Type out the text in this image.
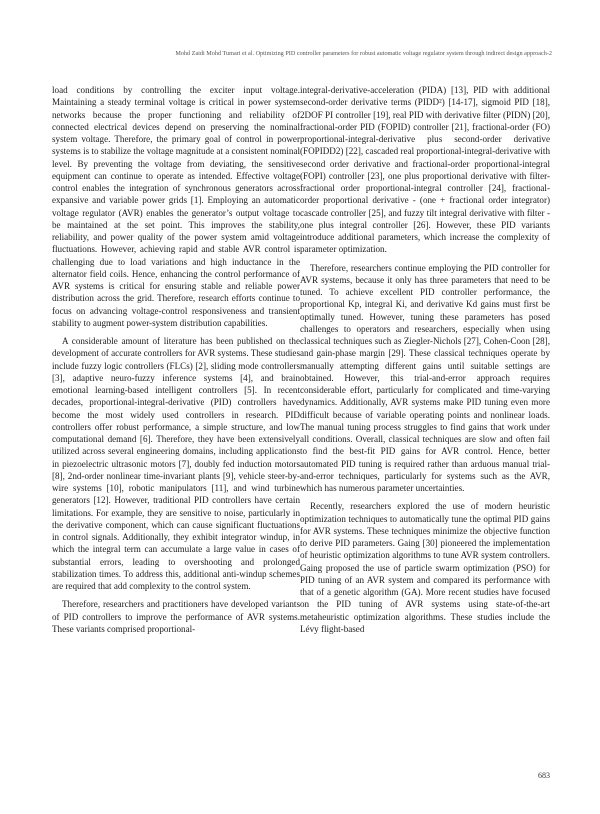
Mohd Zaidi Mohd Tumari et al. Optimizing PID controller parameters for robust automatic voltage regulator system through indirect design approach-2

load conditions by controlling the exciter input voltage. Maintaining a steady terminal voltage is critical in power system networks because the proper functioning and reliability of connected electrical devices depend on preserving the nominal system voltage. Therefore, the primary goal of control in power systems is to stabilize the voltage magnitude at a consistent nominal level. By preventing the voltage from deviating, the sensitive equipment can continue to operate as intended. Effective voltage control enables the integration of synchronous generators across expansive and variable power grids [1]. Employing an automatic voltage regulator (AVR) enables the generator’s output voltage to be maintained at the set point. This improves the stability, reliability, and power quality of the power system amid voltage fluctuations. However, achieving rapid and stable AVR control is challenging due to load variations and high inductance in the alternator field coils. Hence, enhancing the control performance of AVR systems is critical for ensuring stable and reliable power distribution across the grid. Therefore, research efforts continue to focus on advancing voltage-control responsiveness and transient stability to augment power-system distribution capabilities.

A considerable amount of literature has been published on the development of accurate controllers for AVR systems. These studies include fuzzy logic controllers (FLCs) [2], sliding mode controllers [3], adaptive neuro-fuzzy inference systems [4], and brain emotional learning-based intelligent controllers [5]. In recent decades, proportional-integral-derivative (PID) controllers have become the most widely used controllers in research. PID controllers offer robust performance, a simple structure, and low computational demand [6]. Therefore, they have been extensively utilized across several engineering domains, including applications in piezoelectric ultrasonic motors [7], doubly fed induction motors [8], 2nd-order nonlinear time-invariant plants [9], vehicle steer-by-wire systems [10], robotic manipulators [11], and wind turbine generators [12]. However, traditional PID controllers have certain limitations. For example, they are sensitive to noise, particularly in the derivative component, which can cause significant fluctuations in control signals. Additionally, they exhibit integrator windup, in which the integral term can accumulate a large value in cases of substantial errors, leading to overshooting and prolonged stabilization times. To address this, additional anti-windup schemes are required that add complexity to the control system.

Therefore, researchers and practitioners have developed variants of PID controllers to improve the performance of AVR systems. These variants comprised proportional-

integral-derivative-acceleration (PIDA) [13], PID with additional second-order derivative terms (PIDD²) [14-17], sigmoid PID [18], 2DOF PI controller [19], real PID with derivative filter (PIDN) [20], fractional-order PID (FOPID) controller [21], fractional-order (FO) proportional-integral-derivative plus second-order derivative (FOPIDD2) [22], cascaded real proportional-integral-derivative with second order derivative and fractional-order proportional-integral (FOPI) controller [23], one plus proportional derivative with filter-fractional order proportional-integral controller [24], fractional-order proportional derivative - (one + fractional order integrator) cascade controller [25], and fuzzy tilt integral derivative with filter - one plus integral controller [26]. However, these PID variants introduce additional parameters, which increase the complexity of parameter optimization.

Therefore, researchers continue employing the PID controller for AVR systems, because it only has three parameters that need to be tuned. To achieve excellent PID controller performance, the proportional Kp, integral Ki, and derivative Kd gains must first be optimally tuned. However, tuning these parameters has posed challenges to operators and researchers, especially when using classical techniques such as Ziegler-Nichols [27], Cohen-Coon [28], and gain-phase margin [29]. These classical techniques operate by manually attempting different gains until suitable settings are obtained. However, this trial-and-error approach requires considerable effort, particularly for complicated and time-varying dynamics. Additionally, AVR systems make PID tuning even more difficult because of variable operating points and nonlinear loads. The manual tuning process struggles to find gains that work under all conditions. Overall, classical techniques are slow and often fail to find the best-fit PID gains for AVR control. Hence, better automated PID tuning is required rather than arduous manual trial-and-error techniques, particularly for systems such as the AVR, which has numerous parameter uncertainties.

Recently, researchers explored the use of modern heuristic optimization techniques to automatically tune the optimal PID gains for AVR systems. These techniques minimize the objective function to derive PID parameters. Gaing [30] pioneered the implementation of heuristic optimization algorithms to tune AVR system controllers. Gaing proposed the use of particle swarm optimization (PSO) for PID tuning of an AVR system and compared its performance with that of a genetic algorithm (GA). More recent studies have focused on the PID tuning of AVR systems using state-of-the-art metaheuristic optimization algorithms. These studies include the Lévy flight-based

683
